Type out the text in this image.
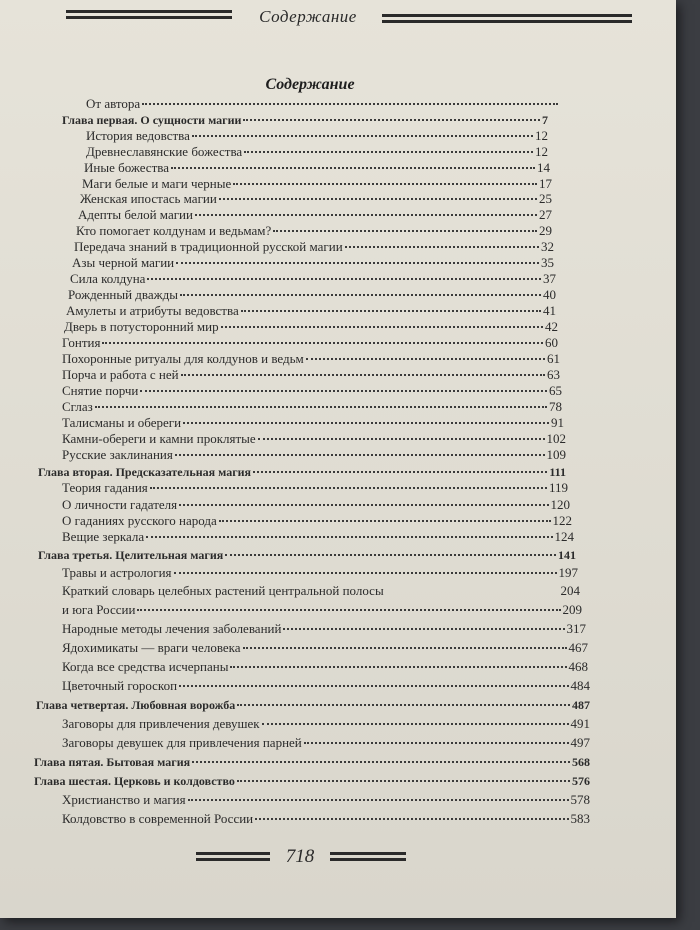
Содержание
Содержание
От автора
Глава первая. О сущности магии	7
История ведовства	12
Древнеславянские божества	12
Иные божества	14
Маги белые и маги черные	17
Женская ипостась магии	25
Адепты белой магии	27
Кто помогает колдунам и ведьмам?	29
Передача знаний в традиционной русской магии	32
Азы черной магии	35
Сила колдуна	37
Рожденный дважды	40
Амулеты и атрибуты ведовства	41
Дверь в потусторонний мир	42
Гонтия	60
Похоронные ритуалы для колдунов и ведьм	61
Порча и работа с ней	63
Снятие порчи	65
Сглаз	78
Талисманы и обереги	91
Камни-обереги и камни проклятые	102
Русские заклинания	109
Глава вторая. Предсказательная магия	111
Теория гадания	119
О личности гадателя	120
О гаданиях русского народа	122
Вещие зеркала	124
Глава третья. Целительная магия	141
Травы и астрология	197
Краткий словарь целебных растений центральной полосы	204
и юга России	209
Народные методы лечения заболеваний	317
Ядохимикаты — враги человека	467
Когда все средства исчерпаны	468
Цветочный гороскоп	484
Глава четвертая. Любовная ворожба	487
Заговоры для привлечения девушек	491
Заговоры девушек для привлечения парней	497
Глава пятая. Бытовая магия	568
Глава шестая. Церковь и колдовство	576
Христианство и магия	578
Колдовство в современной России	583
718
